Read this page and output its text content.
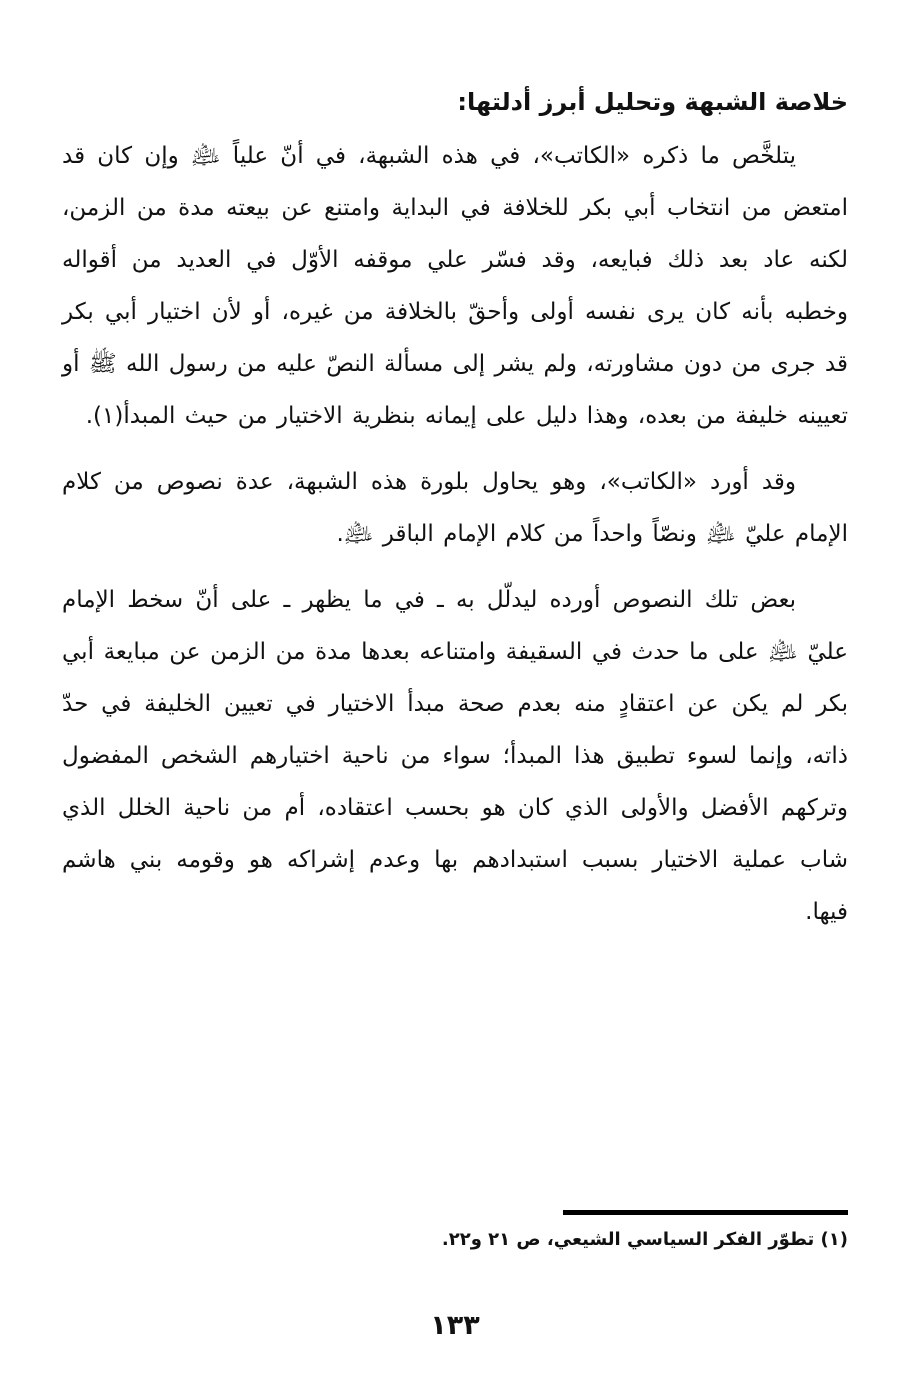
خلاصة الشبهة وتحليل أبرز أدلتها:

يتلخَّص ما ذكره «الكاتب»، في هذه الشبهة، في أنّ علياً ﵇ وإن كان قد امتعض من انتخاب أبي بكر للخلافة في البداية وامتنع عن بيعته مدة من الزمن، لكنه عاد بعد ذلك فبايعه، وقد فسّر علي موقفه الأوّل في العديد من أقواله وخطبه بأنه كان يرى نفسه أولى وأحقّ بالخلافة من غيره، أو لأن اختيار أبي بكر قد جرى من دون مشاورته، ولم يشر إلى مسألة النصّ عليه من رسول الله ﷺ أو تعيينه خليفة من بعده، وهذا دليل على إيمانه بنظرية الاختيار من حيث المبدأ(١).

وقد أورد «الكاتب»، وهو يحاول بلورة هذه الشبهة، عدة نصوص من كلام الإمام عليّ ﵇ ونصّاً واحداً من كلام الإمام الباقر ﵇.

بعض تلك النصوص أورده ليدلّل به ـ في ما يظهر ـ على أنّ سخط الإمام عليّ ﵇ على ما حدث في السقيفة وامتناعه بعدها مدة من الزمن عن مبايعة أبي بكر لم يكن عن اعتقادٍ منه بعدم صحة مبدأ الاختيار في تعيين الخليفة في حدّ ذاته، وإنما لسوء تطبيق هذا المبدأ؛ سواء من ناحية اختيارهم الشخص المفضول وتركهم الأفضل والأولى الذي كان هو بحسب اعتقاده، أم من ناحية الخلل الذي شاب عملية الاختيار بسبب استبدادهم بها وعدم إشراكه هو وقومه بني هاشم فيها.

(١) تطوّر الفكر السياسي الشيعي، ص ٢١ و٢٢.

١٣٣
